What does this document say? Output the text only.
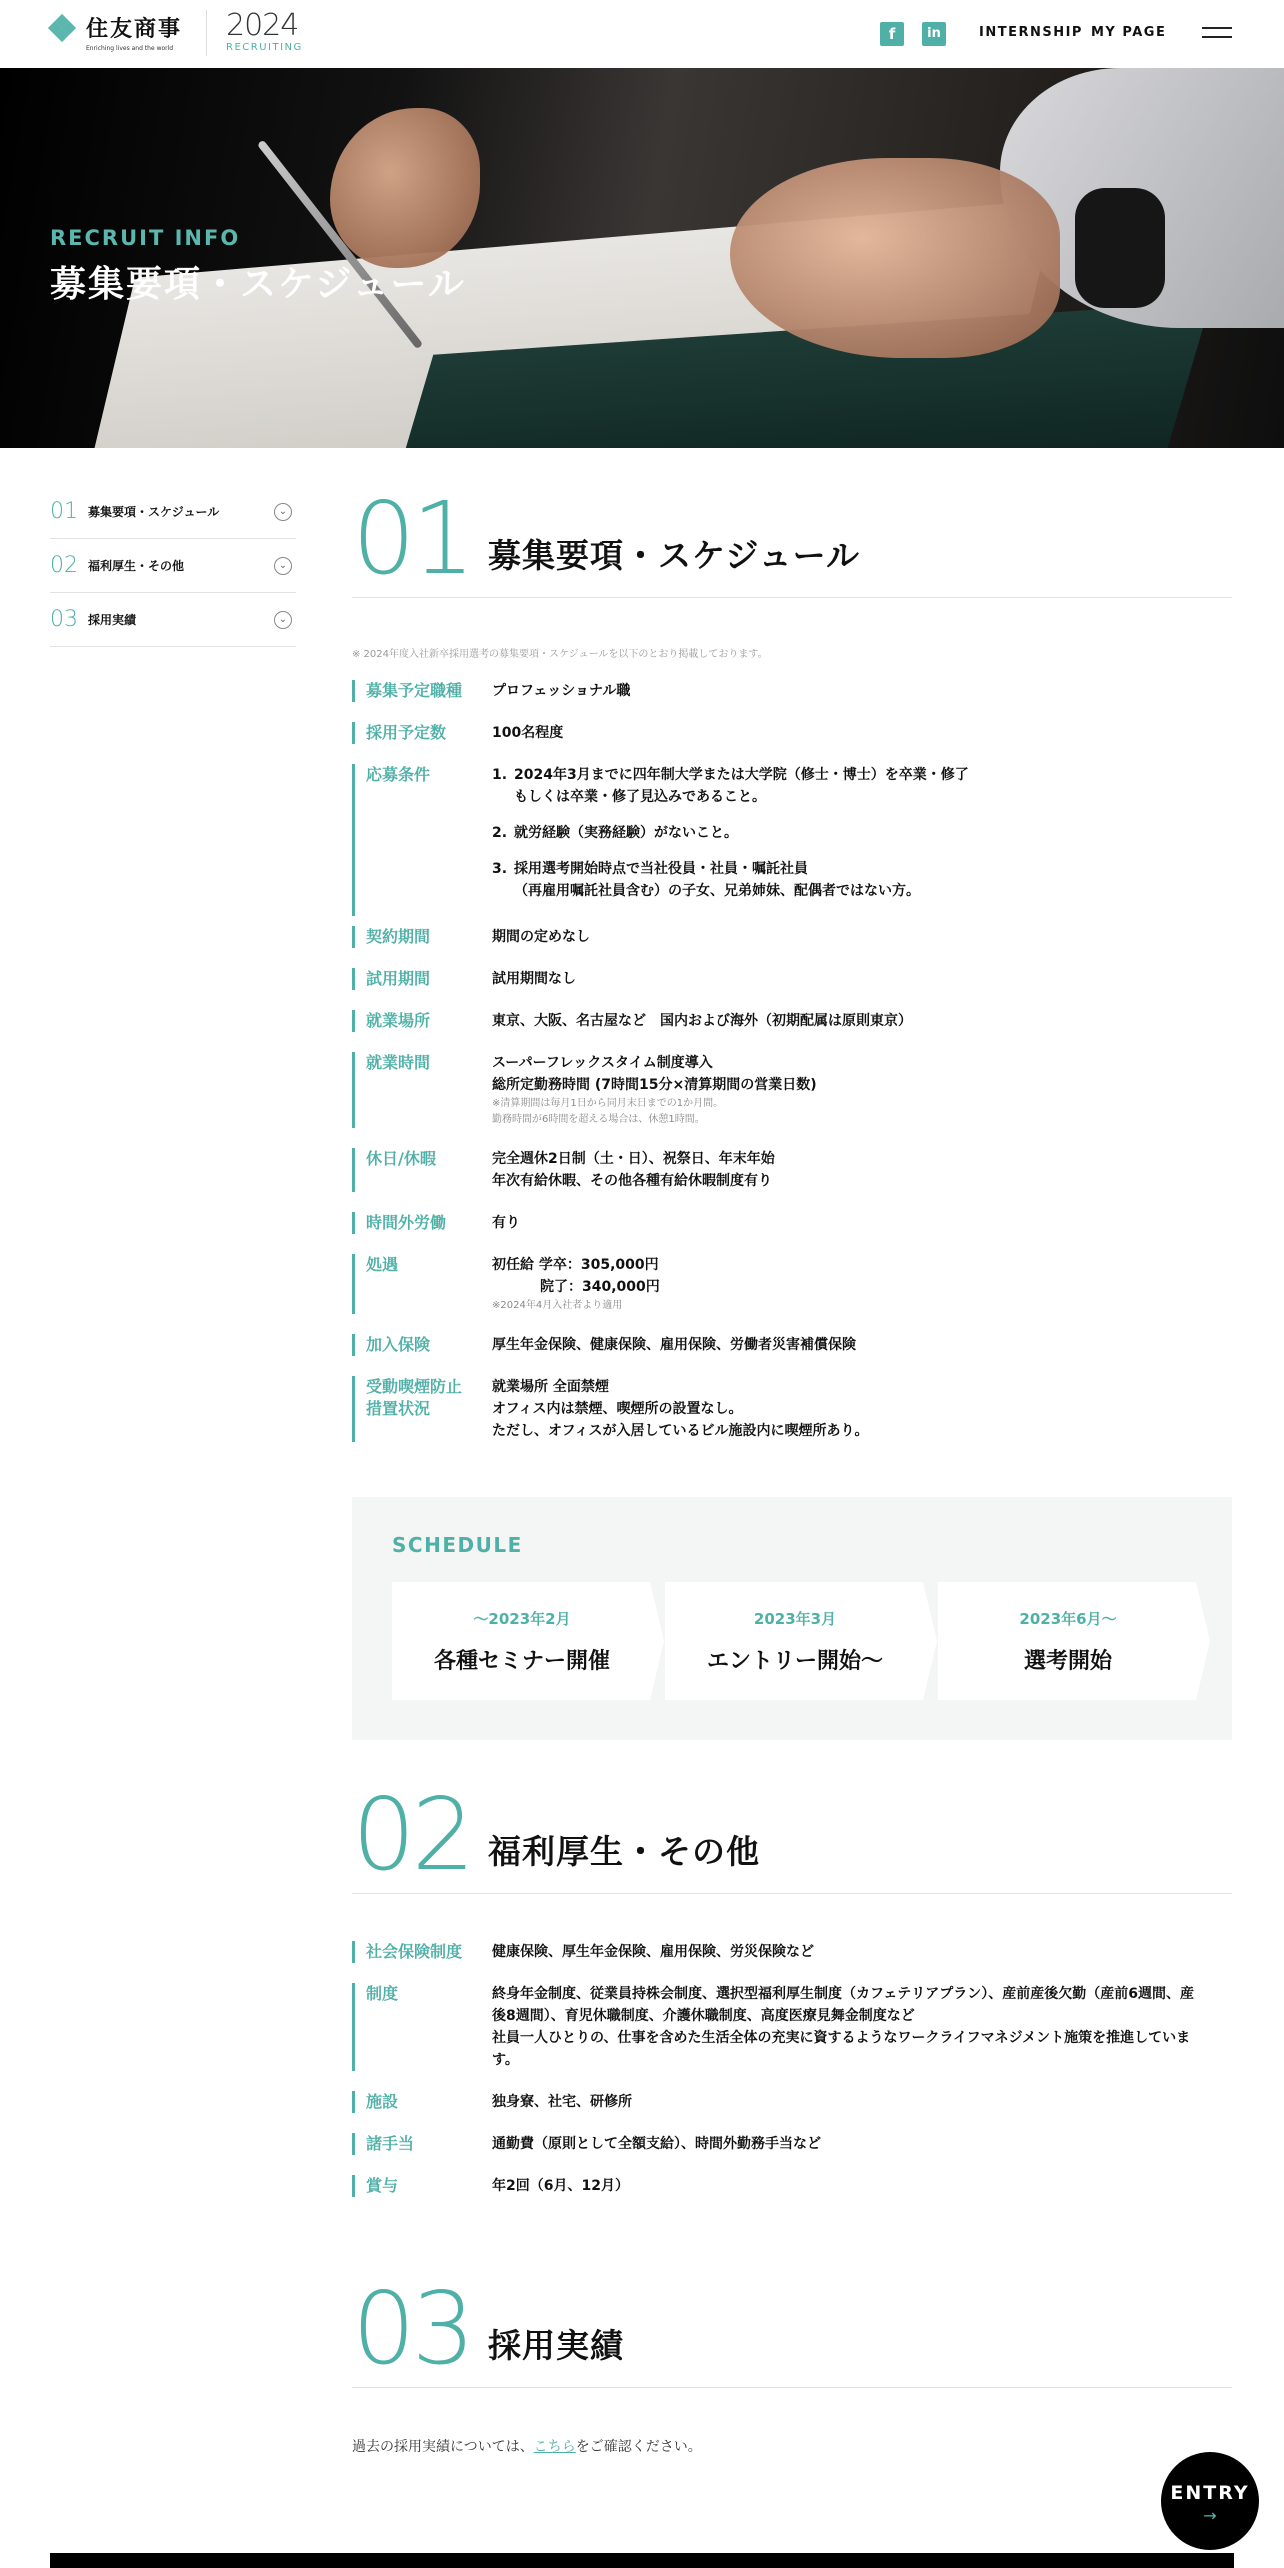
住友商事
Enriching lives and the world
2024
RECRUITING
f	in	INTERNSHIP MY PAGE
RECRUIT INFO
募集要項・スケジュール
01 募集要項・スケジュール	⌄
02 福利厚生・その他	⌄
03 採用実績	⌄
01 募集要項・スケジュール
※ 2024年度入社新卒採用選考の募集要項・スケジュールを以下のとおり掲載しております。
募集予定職種	プロフェッショナル職
採用予定数	100名程度
応募条件	1. 2024年3月までに四年制大学または大学院（修士・博士）を卒業・修了
もしくは卒業・修了見込みであること。
2. 就労経験（実務経験）がないこと。
3. 採用選考開始時点で当社役員・社員・嘱託社員
（再雇用嘱託社員含む）の子女、兄弟姉妹、配偶者ではない方。
契約期間	期間の定めなし
試用期間	試用期間なし
就業場所	東京、大阪、名古屋など　国内および海外（初期配属は原則東京）
就業時間	スーパーフレックスタイム制度導入
総所定勤務時間 (7時間15分×清算期間の営業日数)
※清算期間は毎月1日から同月末日までの1か月間。
勤務時間が6時間を超える場合は、休憩1時間。
休日/休暇	完全週休2日制（土・日）、祝祭日、年末年始
年次有給休暇、その他各種有給休暇制度有り
時間外労働	有り
処遇	初任給 学卒：305,000円
院了：340,000円
※2024年4月入社者より適用
加入保険	厚生年金保険、健康保険、雇用保険、労働者災害補償保険
受動喫煙防止
措置状況
就業場所 全面禁煙
オフィス内は禁煙、喫煙所の設置なし。
ただし、オフィスが入居しているビル施設内に喫煙所あり。
SCHEDULE
〜2023年2月
各種セミナー開催
2023年3月
エントリー開始〜
2023年6月～
選考開始
02 福利厚生・その他
社会保険制度	健康保険、厚生年金保険、雇用保険、労災保険など
制度	終身年金制度、従業員持株会制度、選択型福利厚生制度（カフェテリアプラン）、産前産後欠勤（産前6週間、産
後8週間）、育児休職制度、介護休職制度、高度医療見舞金制度など
社員一人ひとりの、仕事を含めた生活全体の充実に資するようなワークライフマネジメント施策を推進していま
す。
施設	独身寮、社宅、研修所
諸手当	通勤費（原則として全額支給）、時間外勤務手当など
賞与	年2回（6月、12月）
03 採用実績
過去の採用実績については、こちらをご確認ください。
ENTRY
→
